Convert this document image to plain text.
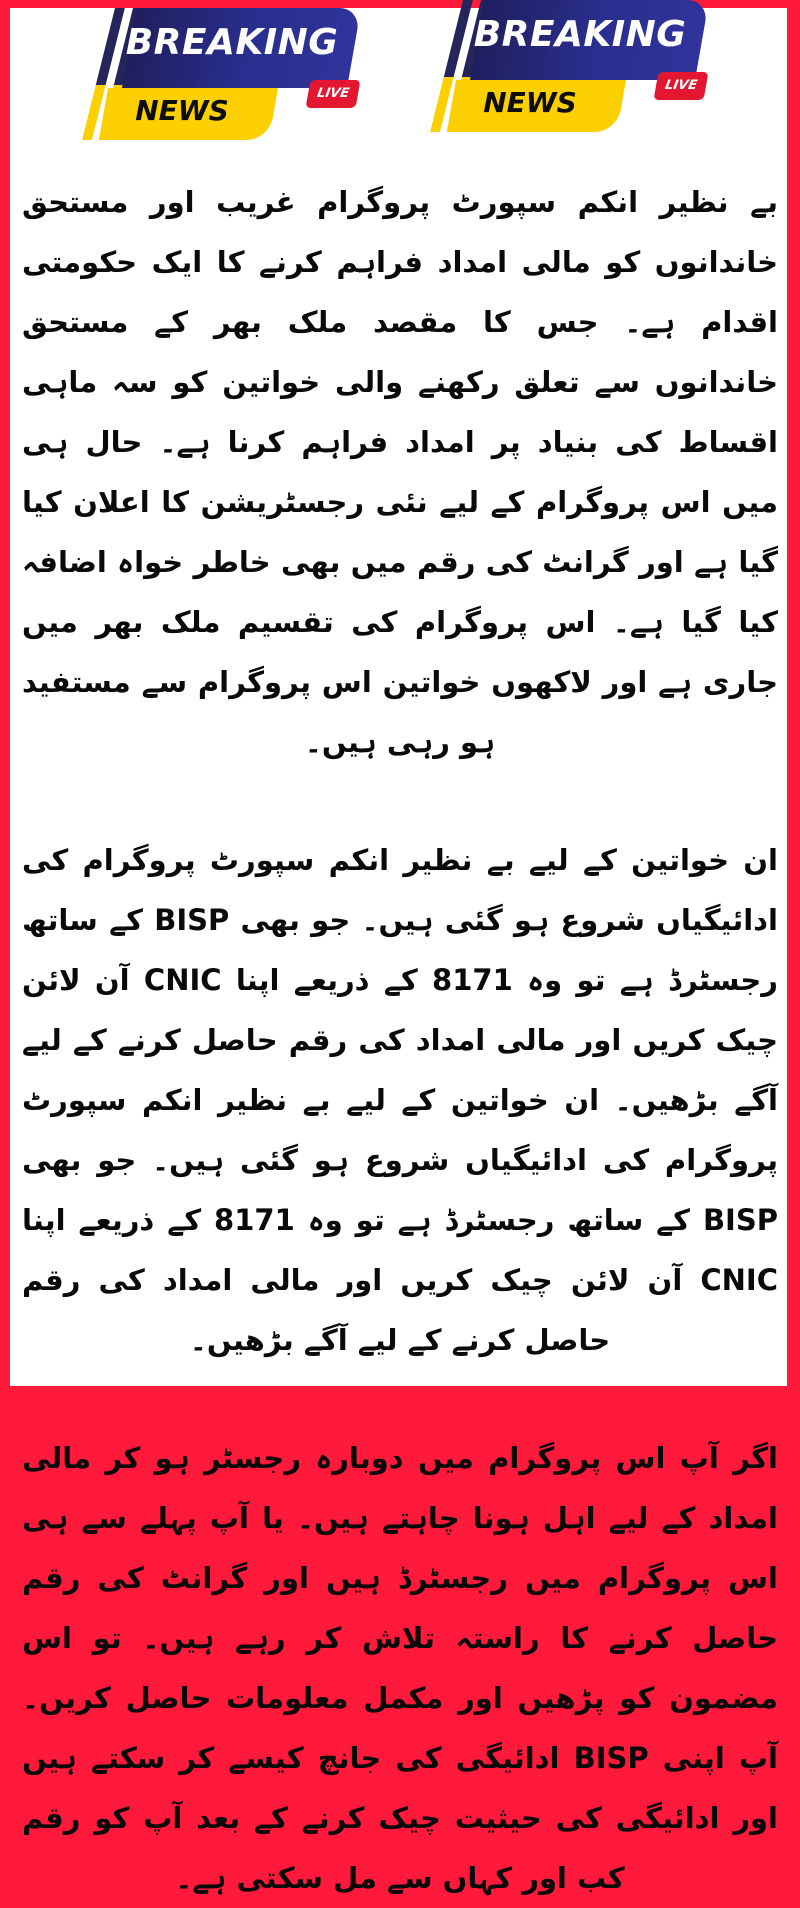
BREAKING
NEWS
LIVE
BREAKING
NEWS
LIVE

بے نظیر انکم سپورٹ پروگرام غریب اور مستحق خاندانوں کو مالی امداد فراہم کرنے کا ایک حکومتی اقدام ہے۔ جس کا مقصد ملک بھر کے مستحق خاندانوں سے تعلق رکھنے والی خواتین کو سہ ماہی اقساط کی بنیاد پر امداد فراہم کرنا ہے۔ حال ہی میں اس پروگرام کے لیے نئی رجسٹریشن کا اعلان کیا گیا ہے اور گرانٹ کی رقم میں بھی خاطر خواہ اضافہ کیا گیا ہے۔ اس پروگرام کی تقسیم ملک بھر میں جاری ہے اور لاکھوں خواتین اس پروگرام سے مستفید ہو رہی ہیں۔

ان خواتین کے لیے بے نظیر انکم سپورٹ پروگرام کی ادائیگیاں شروع ہو گئی ہیں۔ جو بھی BISP کے ساتھ رجسٹرڈ ہے تو وہ 8171 کے ذریعے اپنا CNIC آن لائن چیک کریں اور مالی امداد کی رقم حاصل کرنے کے لیے آگے بڑھیں۔ ان خواتین کے لیے بے نظیر انکم سپورٹ پروگرام کی ادائیگیاں شروع ہو گئی ہیں۔ جو بھی BISP کے ساتھ رجسٹرڈ ہے تو وہ 8171 کے ذریعے اپنا CNIC آن لائن چیک کریں اور مالی امداد کی رقم حاصل کرنے کے لیے آگے بڑھیں۔

اگر آپ اس پروگرام میں دوبارہ رجسٹر ہو کر مالی امداد کے لیے اہل ہونا چاہتے ہیں۔ یا آپ پہلے سے ہی اس پروگرام میں رجسٹرڈ ہیں اور گرانٹ کی رقم حاصل کرنے کا راستہ تلاش کر رہے ہیں۔ تو اس مضمون کو پڑھیں اور مکمل معلومات حاصل کریں۔ آپ اپنی BISP ادائیگی کی جانچ کیسے کر سکتے ہیں اور ادائیگی کی حیثیت چیک کرنے کے بعد آپ کو رقم کب اور کہاں سے مل سکتی ہے۔
